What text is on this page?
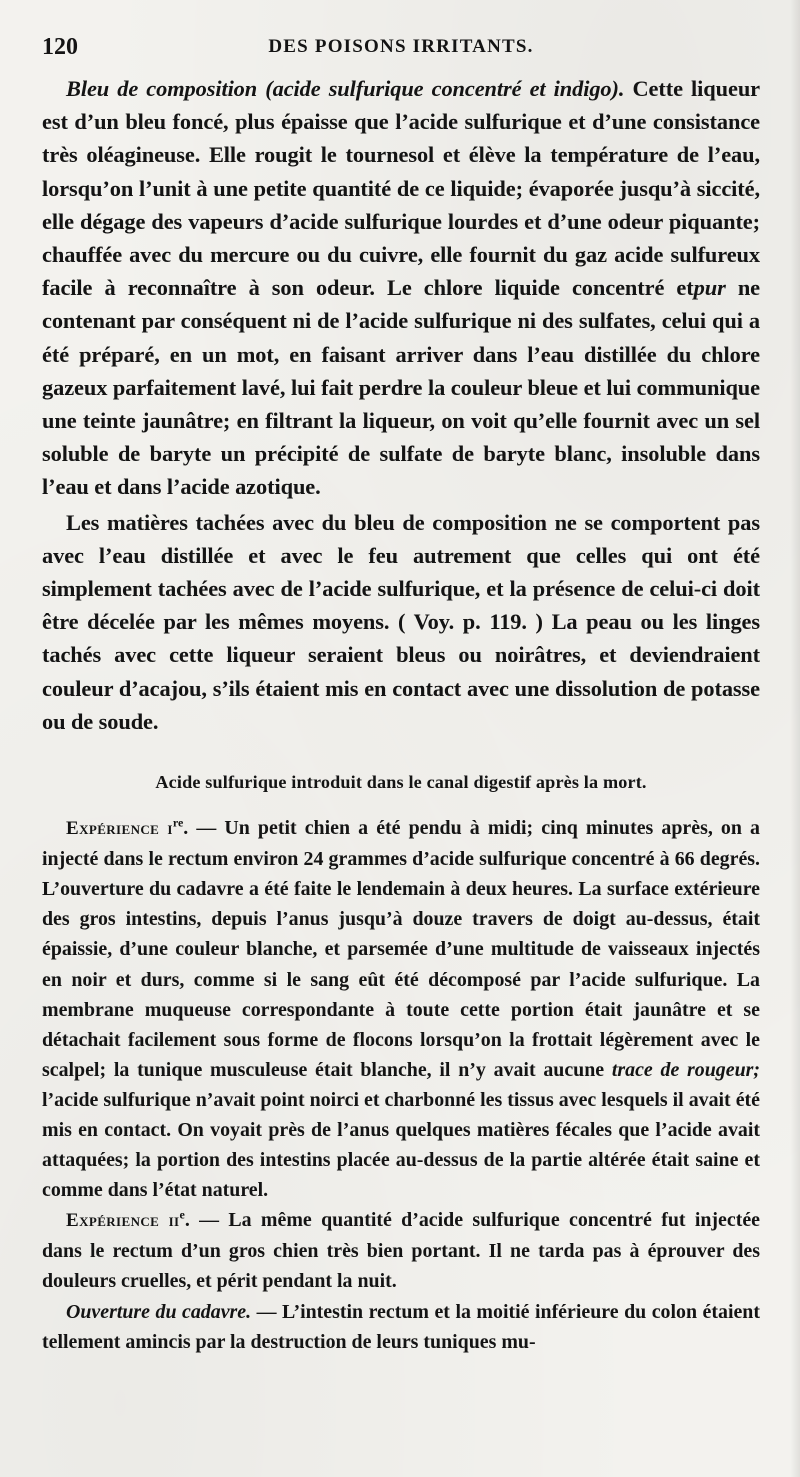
120	DES POISONS IRRITANTS.

Bleu de composition (acide sulfurique concentré et indigo). Cette liqueur est d’un bleu foncé, plus épaisse que l’acide sulfurique et d’une consistance très oléagineuse. Elle rougit le tournesol et élève la température de l’eau, lorsqu’on l’unit à une petite quantité de ce liquide; évaporée jusqu’à siccité, elle dégage des vapeurs d’acide sulfurique lourdes et d’une odeur piquante; chauffée avec du mercure ou du cuivre, elle fournit du gaz acide sulfureux facile à reconnaître à son odeur. Le chlore liquide concentré etpur ne contenant par conséquent ni de l’acide sulfurique ni des sulfates, celui qui a été préparé, en un mot, en faisant arriver dans l’eau distillée du chlore gazeux parfaitement lavé, lui fait perdre la couleur bleue et lui communique une teinte jaunâtre; en filtrant la liqueur, on voit qu’elle fournit avec un sel soluble de baryte un précipité de sulfate de baryte blanc, insoluble dans l’eau et dans l’acide azotique.

Les matières tachées avec du bleu de composition ne se comportent pas avec l’eau distillée et avec le feu autrement que celles qui ont été simplement tachées avec de l’acide sulfurique, et la présence de celui-ci doit être décelée par les mêmes moyens. ( Voy. p. 119. ) La peau ou les linges tachés avec cette liqueur seraient bleus ou noirâtres, et deviendraient couleur d’acajou, s’ils étaient mis en contact avec une dissolution de potasse ou de soude.

Acide sulfurique introduit dans le canal digestif après la mort.

Expérience $i^{re}$. — Un petit chien a été pendu à midi; cinq minutes après, on a injecté dans le rectum environ 24 grammes d’acide sulfurique concentré à 66 degrés. L’ouverture du cadavre a été faite le lendemain à deux heures. La surface extérieure des gros intestins, depuis l’anus jusqu’à douze travers de doigt au-dessus, était épaissie, d’une couleur blanche, et parsemée d’une multitude de vaisseaux injectés en noir et durs, comme si le sang eût été décomposé par l’acide sulfurique. La membrane muqueuse correspondante à toute cette portion était jaunâtre et se détachait facilement sous forme de flocons lorsqu’on la frottait légèrement avec le scalpel; la tunique musculeuse était blanche, il n’y avait aucune trace de rougeur; l’acide sulfurique n’avait point noirci et charbonné les tissus avec lesquels il avait été mis en contact. On voyait près de l’anus quelques matières fécales que l’acide avait attaquées; la portion des intestins placée au-dessus de la partie altérée était saine et comme dans l’état naturel.

Expérience $ii^e$. — La même quantité d’acide sulfurique concentré fut injectée dans le rectum d’un gros chien très bien portant. Il ne tarda pas à éprouver des douleurs cruelles, et périt pendant la nuit.

Ouverture du cadavre. — L’intestin rectum et la moitié inférieure du colon étaient tellement amincis par la destruction de leurs tuniques mu-
